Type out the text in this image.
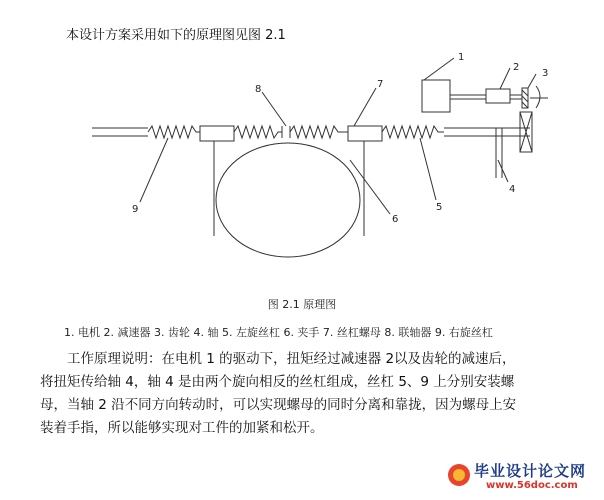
本设计方案采用如下的原理图见图 2.1
1
2
3
4
5
6
7
8
9
图 2.1 原理图
1. 电机 2. 减速器 3. 齿轮 4. 轴 5. 左旋丝杠 6. 夹手 7. 丝杠螺母 8. 联轴器 9. 右旋丝杠

工作原理说明：在电机 1 的驱动下，扭矩经过减速器 2以及齿轮的减速后，

将扭矩传给轴 4，轴 4 是由两个旋向相反的丝杠组成，丝杠 5、9 上分别安装螺

母，当轴 2 沿不同方向转动时，可以实现螺母的同时分离和靠拢，因为螺母上安

装着手指，所以能够实现对工件的加紧和松开。

毕业设计论文网
www.56doc.com
